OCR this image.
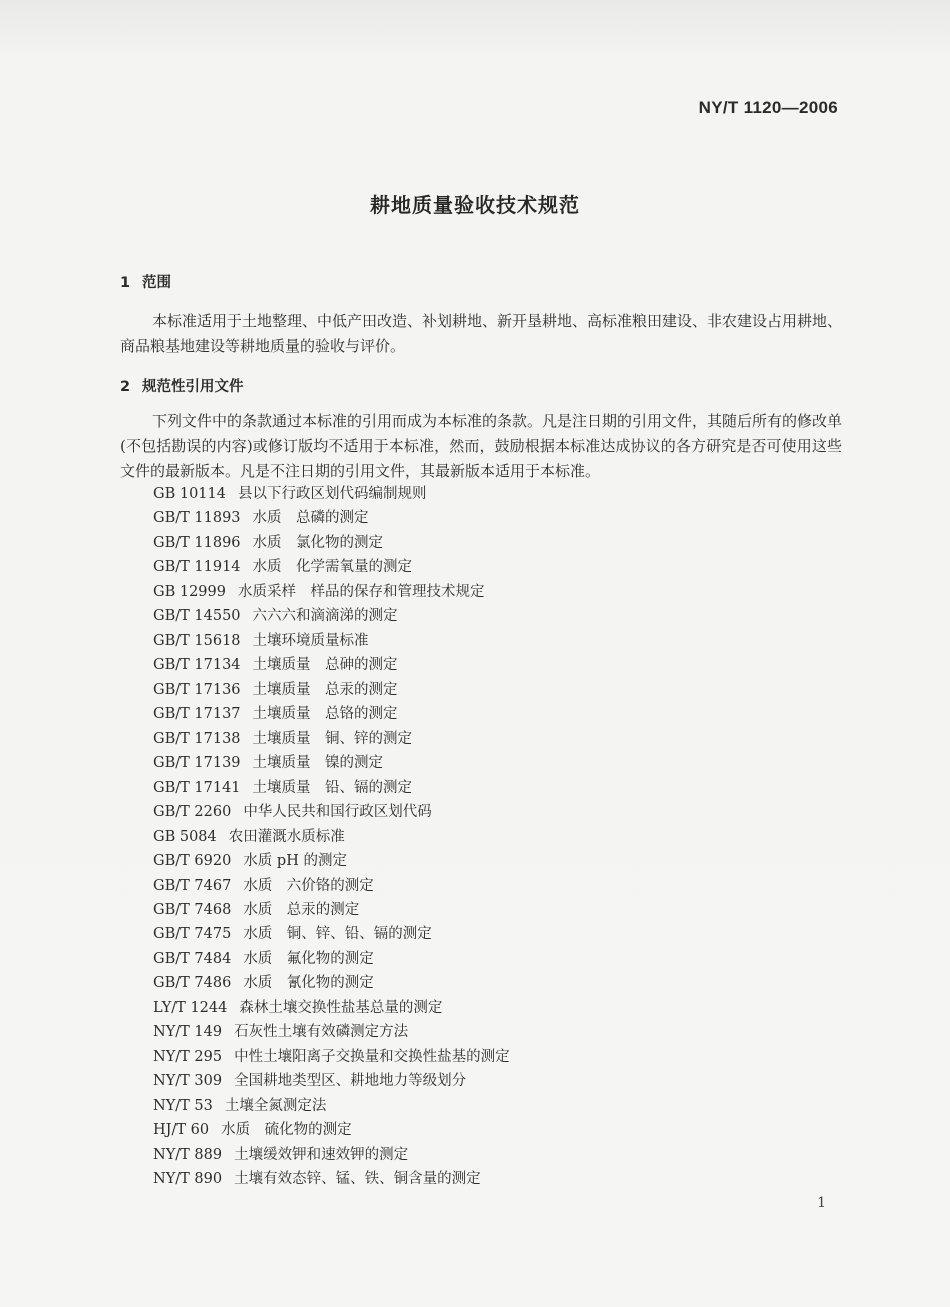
NY/T 1120—2006
耕地质量验收技术规范
1 范围
本标准适用于土地整理、中低产田改造、补划耕地、新开垦耕地、高标准粮田建设、非农建设占用耕地、商品粮基地建设等耕地质量的验收与评价。
2 规范性引用文件
下列文件中的条款通过本标准的引用而成为本标准的条款。凡是注日期的引用文件，其随后所有的修改单(不包括勘误的内容)或修订版均不适用于本标准，然而，鼓励根据本标准达成协议的各方研究是否可使用这些文件的最新版本。凡是不注日期的引用文件，其最新版本适用于本标准。
GB 10114 县以下行政区划代码编制规则
GB/T 11893 水质　总磷的测定
GB/T 11896 水质　氯化物的测定
GB/T 11914 水质　化学需氧量的测定
GB 12999 水质采样　样品的保存和管理技术规定
GB/T 14550 六六六和滴滴涕的测定
GB/T 15618 土壤环境质量标准
GB/T 17134 土壤质量　总砷的测定
GB/T 17136 土壤质量　总汞的测定
GB/T 17137 土壤质量　总铬的测定
GB/T 17138 土壤质量　铜、锌的测定
GB/T 17139 土壤质量　镍的测定
GB/T 17141 土壤质量　铅、镉的测定
GB/T 2260 中华人民共和国行政区划代码
GB 5084 农田灌溉水质标准
GB/T 6920 水质 pH 的测定
GB/T 7467 水质　六价铬的测定
GB/T 7468 水质　总汞的测定
GB/T 7475 水质　铜、锌、铅、镉的测定
GB/T 7484 水质　氟化物的测定
GB/T 7486 水质　氰化物的测定
LY/T 1244 森林土壤交换性盐基总量的测定
NY/T 149 石灰性土壤有效磷测定方法
NY/T 295 中性土壤阳离子交换量和交换性盐基的测定
NY/T 309 全国耕地类型区、耕地地力等级划分
NY/T 53 土壤全氮测定法
HJ/T 60 水质　硫化物的测定
NY/T 889 土壤缓效钾和速效钾的测定
NY/T 890 土壤有效态锌、锰、铁、铜含量的测定
1
